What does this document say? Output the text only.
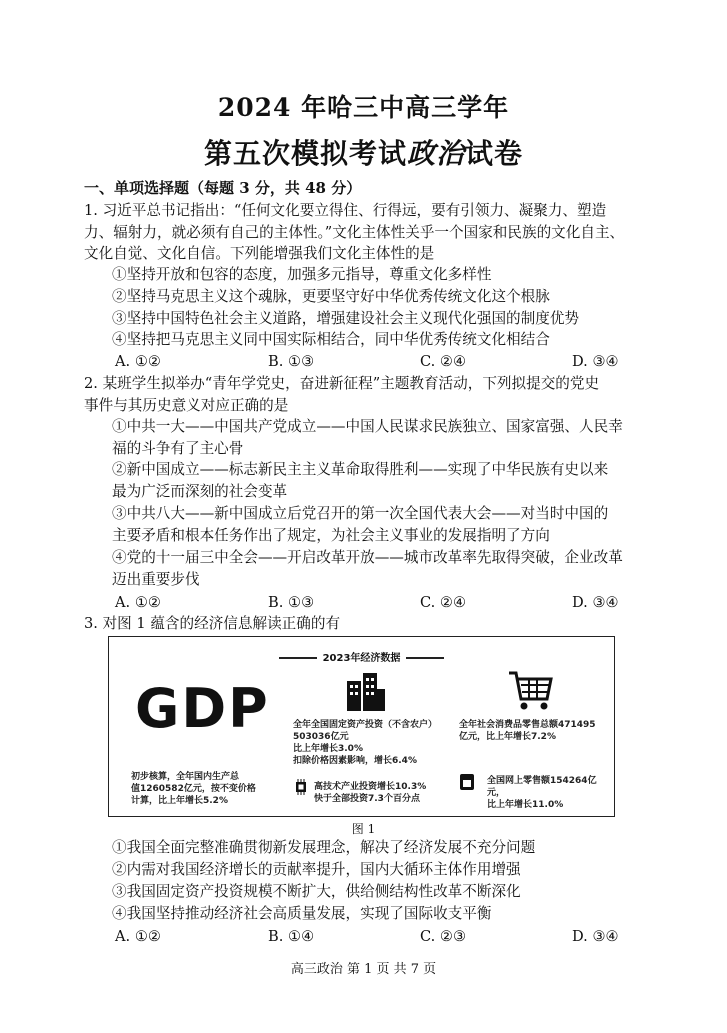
2024 年哈三中高三学年
第五次模拟考试政治试卷
一、单项选择题（每题 3 分，共 48 分）
1. 习近平总书记指出：“任何文化要立得住、行得远，要有引领力、凝聚力、塑造
力、辐射力，就必须有自己的主体性。”文化主体性关乎一个国家和民族的文化自主、
文化自觉、文化自信。下列能增强我们文化主体性的是
①坚持开放和包容的态度，加强多元指导，尊重文化多样性
②坚持马克思主义这个魂脉，更要坚守好中华优秀传统文化这个根脉
③坚持中国特色社会主义道路，增强建设社会主义现代化强国的制度优势
④坚持把马克思主义同中国实际相结合，同中华优秀传统文化相结合
A. ①②	B. ①③	C. ②④	D. ③④
2. 某班学生拟举办“青年学党史，奋进新征程”主题教育活动，下列拟提交的党史
事件与其历史意义对应正确的是
①中共一大——中国共产党成立——中国人民谋求民族独立、国家富强、人民幸
福的斗争有了主心骨
②新中国成立——标志新民主主义革命取得胜利——实现了中华民族有史以来
最为广泛而深刻的社会变革
③中共八大——新中国成立后党召开的第一次全国代表大会——对当时中国的
主要矛盾和根本任务作出了规定，为社会主义事业的发展指明了方向
④党的十一届三中全会——开启改革开放——城市改革率先取得突破，企业改革
迈出重要步伐
A. ①②	B. ①③	C. ②④	D. ③④
3. 对图 1 蕴含的经济信息解读正确的有
2023年经济数据
GDP
初步核算，全年国内生产总
值1260582亿元，按不变价格
计算，比上年增长5.2%
全年全国固定资产投资（不含农户）
503036亿元
比上年增长3.0%
扣除价格因素影响，增长6.4%
全年社会消费品零售总额471495
亿元，比上年增长7.2%
高技术产业投资增长10.3%
快于全部投资7.3个百分点
全国网上零售额154264亿元，
比上年增长11.0%
图 1
①我国全面完整准确贯彻新发展理念，解决了经济发展不充分问题
②内需对我国经济增长的贡献率提升，国内大循环主体作用增强
③我国固定资产投资规模不断扩大，供给侧结构性改革不断深化
④我国坚持推动经济社会高质量发展，实现了国际收支平衡
A. ①②	B. ①④	C. ②③	D. ③④
高三政治 第 1 页 共 7 页
